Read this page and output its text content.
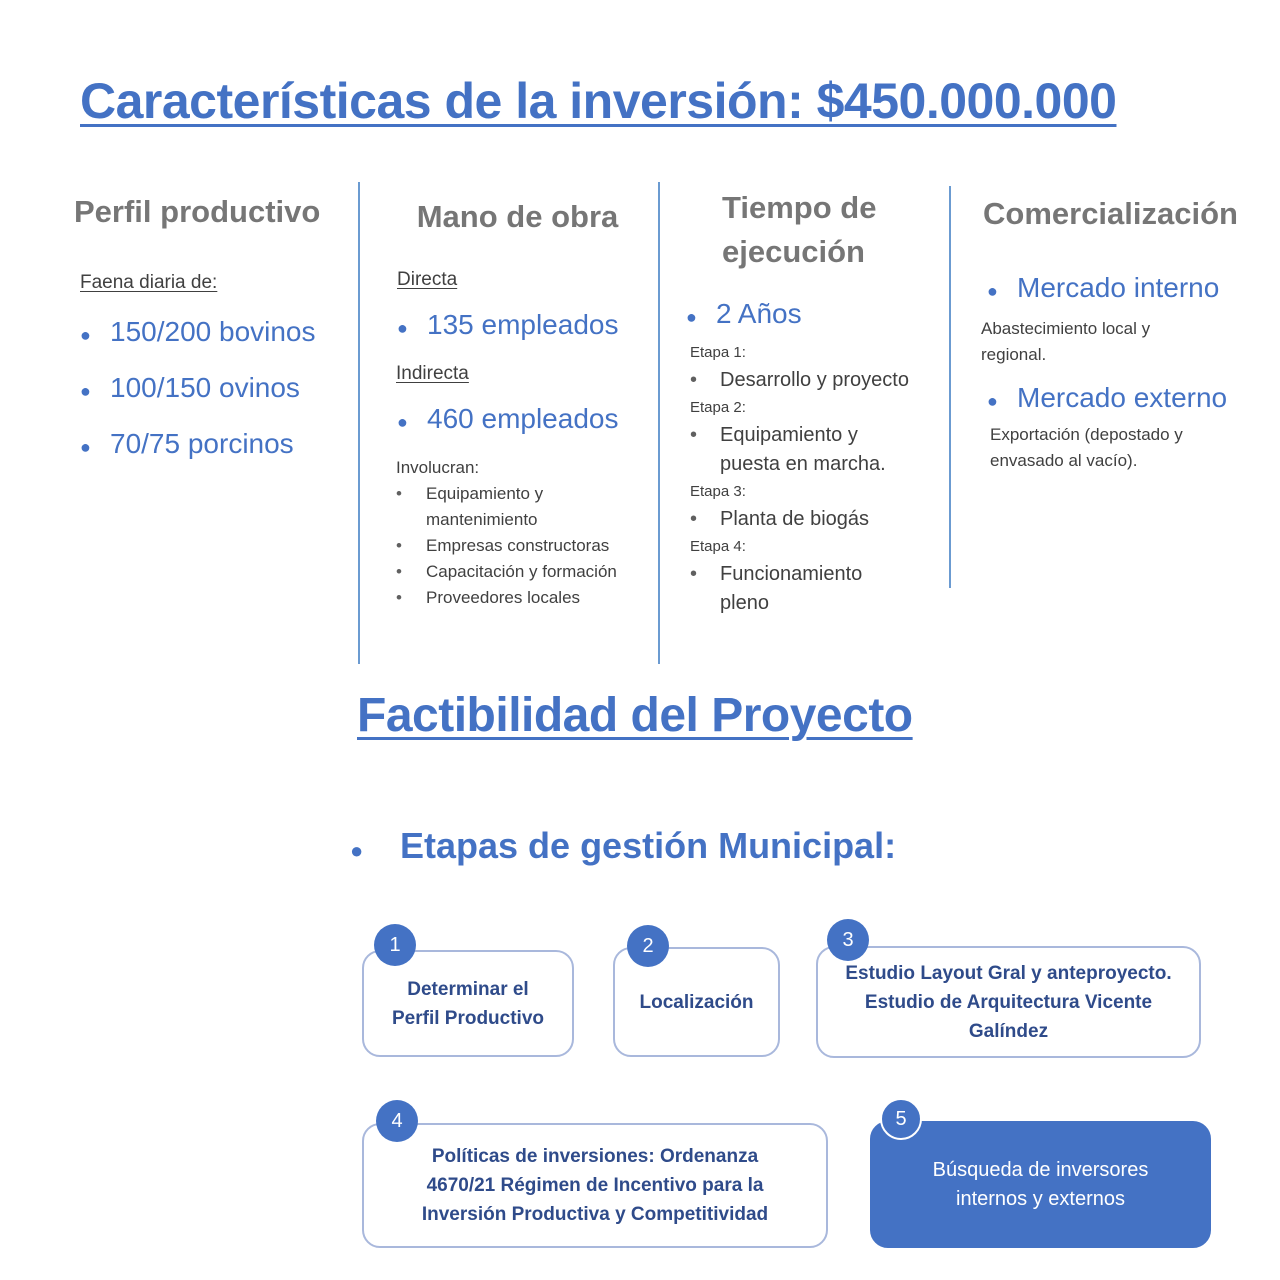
Características de la inversión: $450.000.000
Perfil productivo
Faena diaria de:
● 150/200 bovinos
● 100/150 ovinos
● 70/75 porcinos
Mano de obra
Directa
● 135 empleados
Indirecta
● 460 empleados
Involucran:
• Equipamiento y mantenimiento
• Empresas constructoras
• Capacitación y formación
• Proveedores locales
Tiempo de
ejecución
● 2 Años
Etapa 1:
• Desarrollo y proyecto
Etapa 2:
• Equipamiento y puesta en marcha.
Etapa 3:
• Planta de biogás
Etapa 4:
• Funcionamiento pleno
Comercialización
● Mercado interno
Abastecimiento local y regional.
● Mercado externo
Exportación (depostado y envasado al vacío).
Factibilidad del Proyecto
●	Etapas de gestión Municipal:
Determinar el Perfil Productivo
1
Localización
2
Estudio Layout Gral y anteproyecto. Estudio de Arquitectura Vicente Galíndez
3
Políticas de inversiones: Ordenanza 4670/21 Régimen de Incentivo para la Inversión Productiva y Competitividad
4
Búsqueda de inversores internos y externos
5
